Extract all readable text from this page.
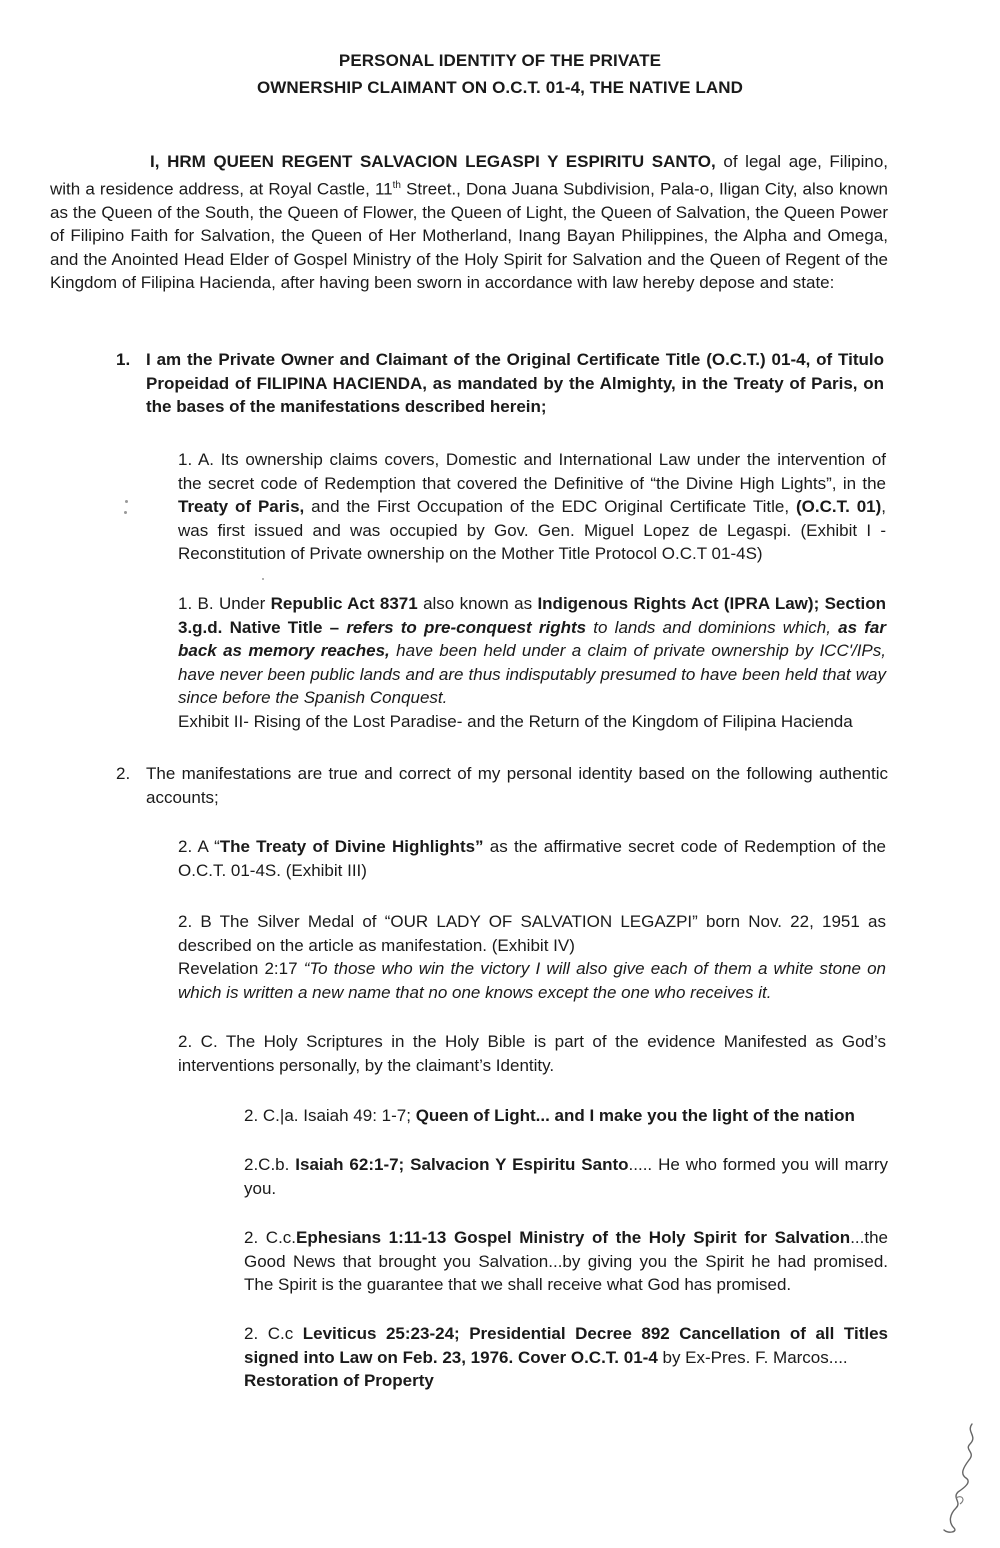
PERSONAL IDENTITY OF THE PRIVATE
OWNERSHIP CLAIMANT ON O.C.T. 01-4, THE NATIVE LAND
I, HRM QUEEN REGENT SALVACION LEGASPI Y ESPIRITU SANTO, of legal age, Filipino, with a residence address, at Royal Castle, 11th Street., Dona Juana Subdivision, Pala-o, Iligan City, also known as the Queen of the South, the Queen of Flower, the Queen of Light, the Queen of Salvation, the Queen Power of Filipino Faith for Salvation, the Queen of Her Motherland, Inang Bayan Philippines, the Alpha and Omega, and the Anointed Head Elder of Gospel Ministry of the Holy Spirit for Salvation and the Queen of Regent of the Kingdom of Filipina Hacienda, after having been sworn in accordance with law hereby depose and state:
1. I am the Private Owner and Claimant of the Original Certificate Title (O.C.T.) 01-4, of Titulo Propeidad of FILIPINA HACIENDA, as mandated by the Almighty, in the Treaty of Paris, on the bases of the manifestations described herein;
1. A. Its ownership claims covers, Domestic and International Law under the intervention of the secret code of Redemption that covered the Definitive of “the Divine High Lights”, in the Treaty of Paris, and the First Occupation of the EDC Original Certificate Title, (O.C.T. 01), was first issued and was occupied by Gov. Gen. Miguel Lopez de Legaspi. (Exhibit I - Reconstitution of Private ownership on the Mother Title Protocol O.C.T 01-4S)
1. B. Under Republic Act 8371 also known as Indigenous Rights Act (IPRA Law); Section 3.g.d. Native Title – refers to pre-conquest rights to lands and dominions which, as far back as memory reaches, have been held under a claim of private ownership by ICC'/IPs, have never been public lands and are thus indisputably presumed to have been held that way since before the Spanish Conquest.
Exhibit II- Rising of the Lost Paradise- and the Return of the Kingdom of Filipina Hacienda
2. The manifestations are true and correct of my personal identity based on the following authentic accounts;
2. A “The Treaty of Divine Highlights” as the affirmative secret code of Redemption of the O.C.T. 01-4S. (Exhibit III)
2. B The Silver Medal of “OUR LADY OF SALVATION LEGAZPI” born Nov. 22, 1951 as described on the article as manifestation. (Exhibit IV)
Revelation 2:17 “To those who win the victory I will also give each of them a white stone on which is written a new name that no one knows except the one who receives it.
2. C. The Holy Scriptures in the Holy Bible is part of the evidence Manifested as God’s interventions personally, by the claimant’s Identity.
2. C.|a. Isaiah 49: 1-7; Queen of Light... and I make you the light of the nation
2.C.b. Isaiah 62:1-7; Salvacion Y Espiritu Santo..... He who formed you will marry you.
2. C.c.Ephesians 1:11-13 Gospel Ministry of the Holy Spirit for Salvation...the Good News that brought you Salvation...by giving you the Spirit he had promised. The Spirit is the guarantee that we shall receive what God has promised.
2. C.c Leviticus 25:23-24; Presidential Decree 892 Cancellation of all Titles signed into Law on Feb. 23, 1976. Cover O.C.T. 01-4 by Ex-Pres. F. Marcos....
Restoration of Property
